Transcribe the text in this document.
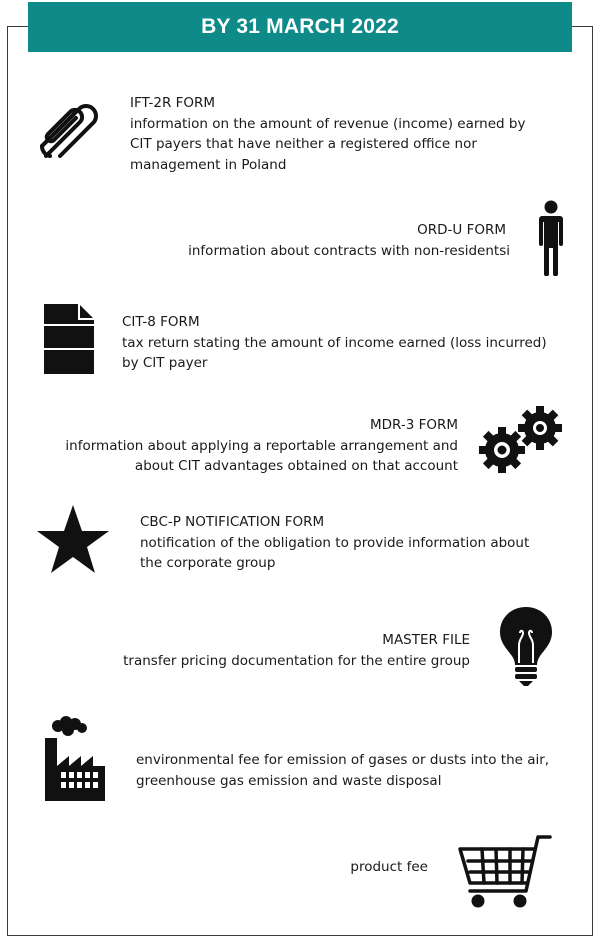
BY 31 MARCH 2022
IFT-2R FORM
information on the amount of revenue (income) earned by CIT payers that have neither a registered office nor management in Poland
ORD-U FORM
information about contracts with non-residentsi
CIT-8 FORM
tax return stating the amount of income earned (loss incurred) by CIT payer
MDR-3 FORM
information about applying a reportable arrangement and about CIT advantages obtained on that account
CBC-P NOTIFICATION FORM
notification of the obligation to provide information about the corporate group
MASTER FILE
transfer pricing documentation for the entire group
environmental fee for emission of gases or dusts into the air, greenhouse gas emission and waste disposal
product fee
